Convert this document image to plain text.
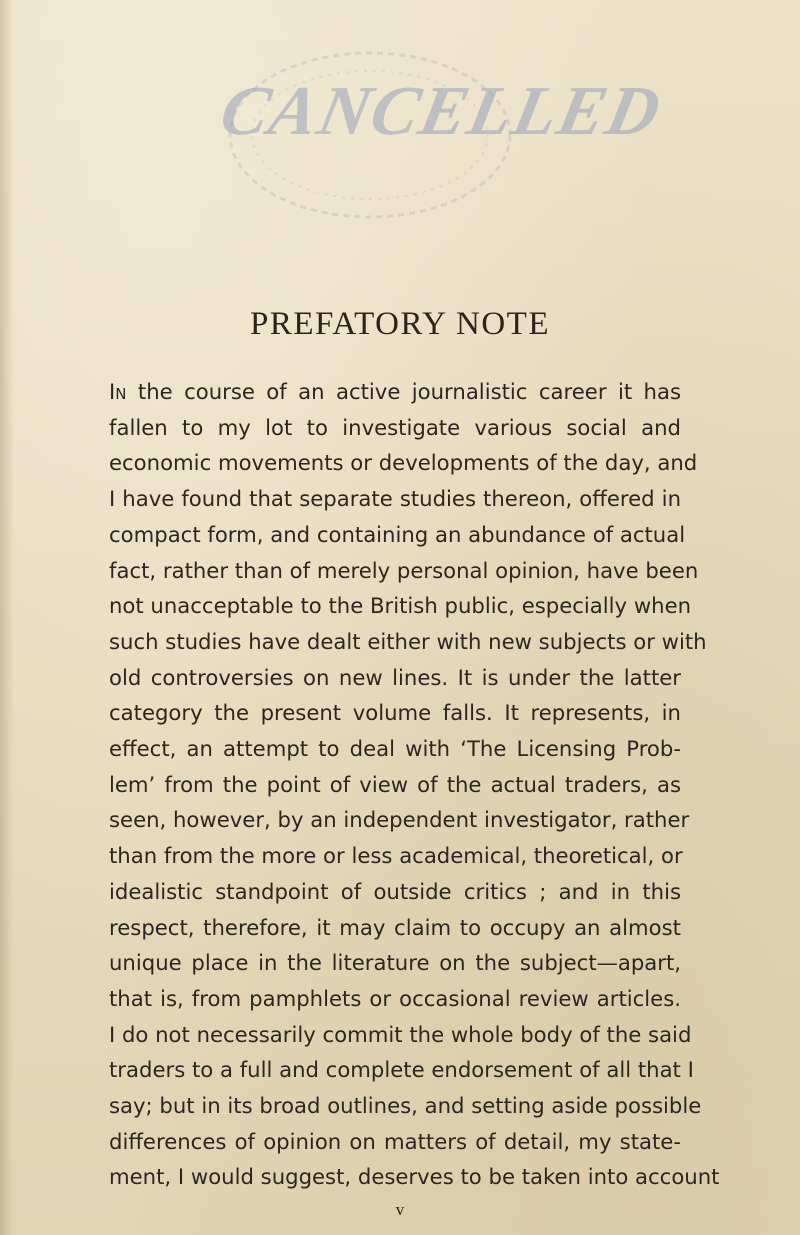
CANCELLED
PREFATORY NOTE
In the course of an active journalistic career it has
fallen to my lot to investigate various social and
economic movements or developments of the day, and
I have found that separate studies thereon, offered in
compact form, and containing an abundance of actual
fact, rather than of merely personal opinion, have been
not unacceptable to the British public, especially when
such studies have dealt either with new subjects or with
old controversies on new lines. It is under the latter
category the present volume falls. It represents, in
effect, an attempt to deal with ‘The Licensing Prob-
lem’ from the point of view of the actual traders, as
seen, however, by an independent investigator, rather
than from the more or less academical, theoretical, or
idealistic standpoint of outside critics ; and in this
respect, therefore, it may claim to occupy an almost
unique place in the literature on the subject—apart,
that is, from pamphlets or occasional review articles.
I do not necessarily commit the whole body of the said
traders to a full and complete endorsement of all that I
say; but in its broad outlines, and setting aside possible
differences of opinion on matters of detail, my state-
ment, I would suggest, deserves to be taken into account
v
